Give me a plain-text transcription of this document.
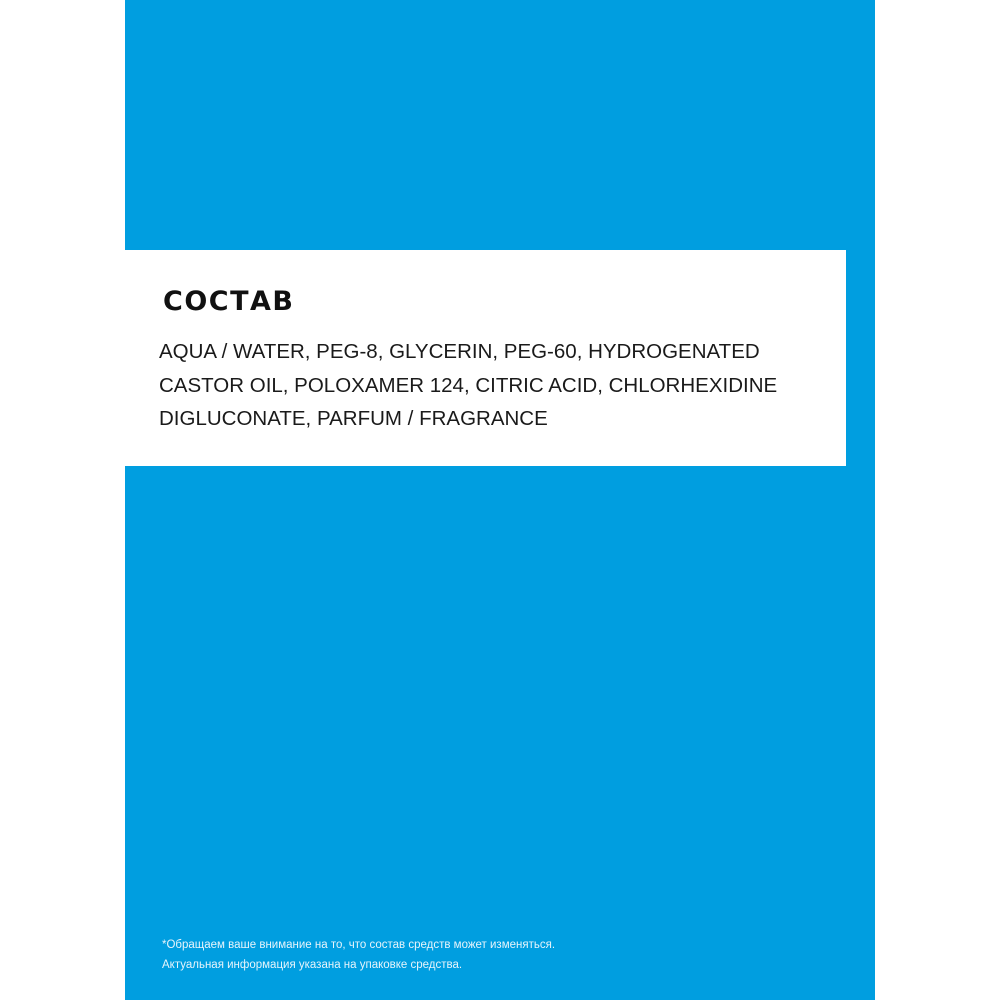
СОСТАВ

AQUA / WATER, PEG-8, GLYCERIN, PEG-60, HYDROGENATED CASTOR OIL, POLOXAMER 124, CITRIC ACID, CHLORHEXIDINE DIGLUCONATE, PARFUM / FRAGRANCE

*Обращаем ваше внимание на то, что состав средств может изменяться.
Актуальная информация указана на упаковке средства.
